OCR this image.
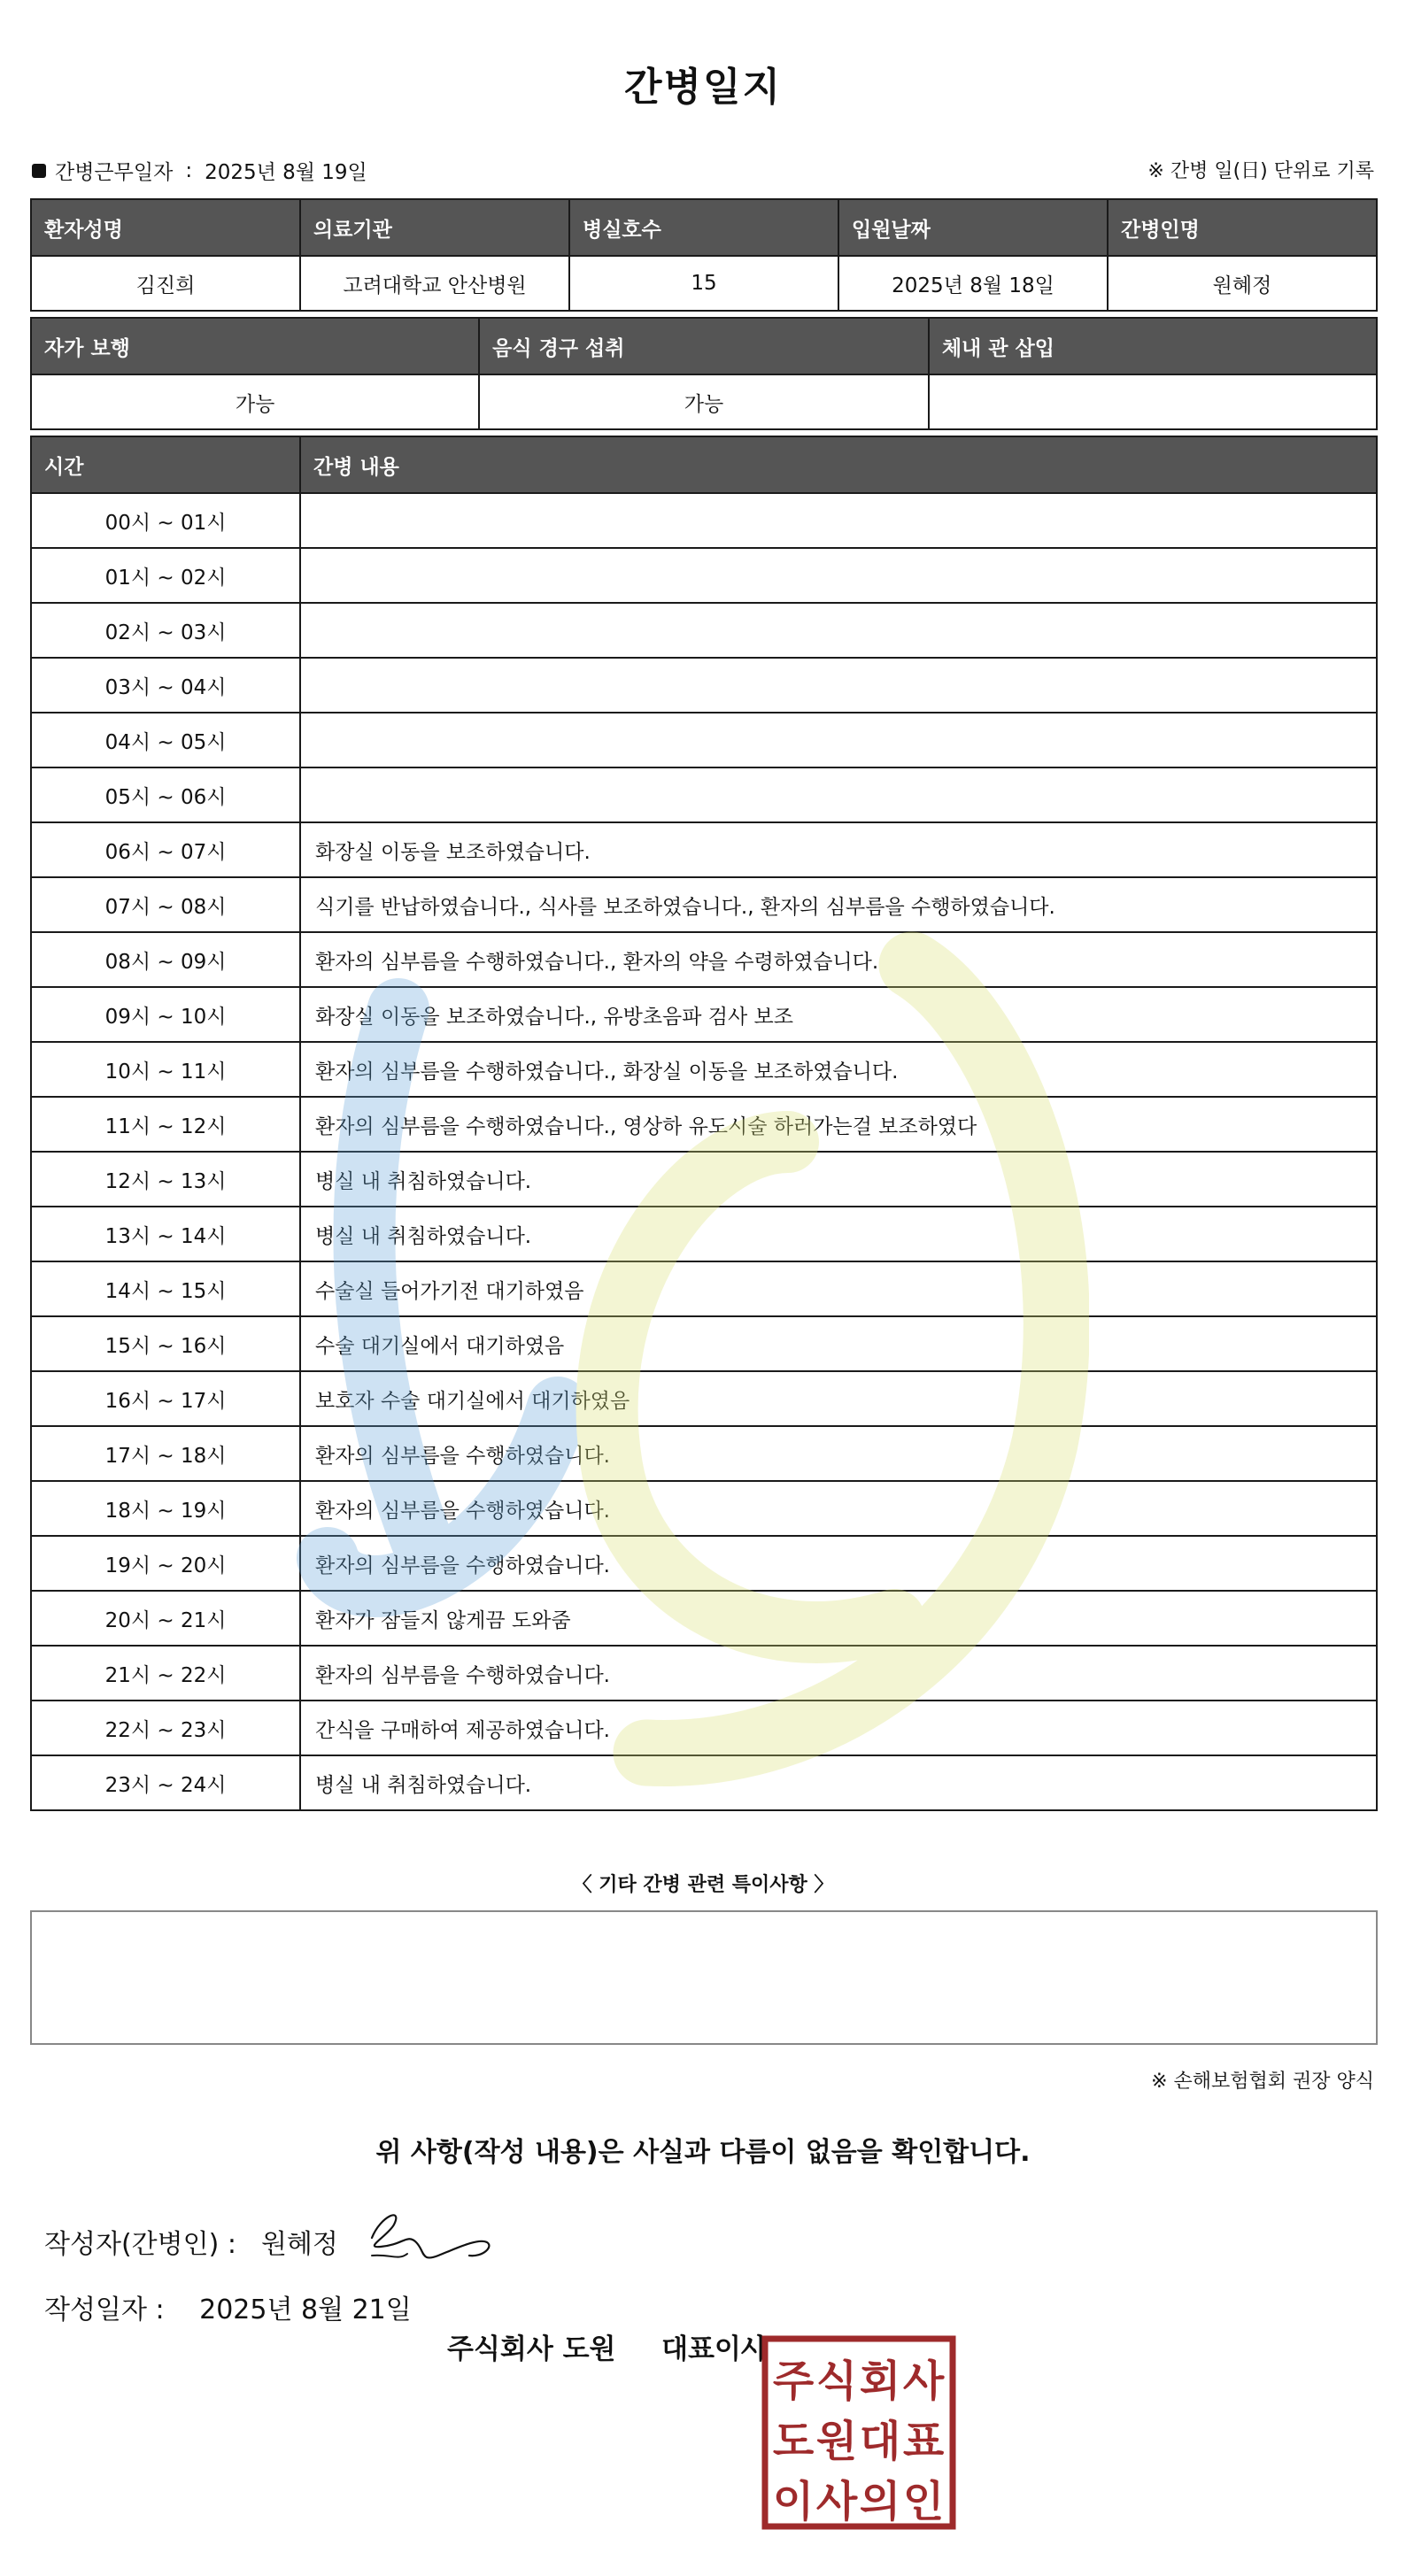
간병일지
간병근무일자 : 2025년 8월 19일	※ 간병 일(日) 단위로 기록
환자성명	의료기관	병실호수	입원날짜	간병인명
김진희	고려대학교 안산병원	15	2025년 8월 18일	원혜정
자가 보행	음식 경구 섭취	체내 관 삽입
가능	가능	
시간	간병 내용
00시 ~ 01시	
01시 ~ 02시	
02시 ~ 03시	
03시 ~ 04시	
04시 ~ 05시	
05시 ~ 06시	
06시 ~ 07시	화장실 이동을 보조하였습니다.
07시 ~ 08시	식기를 반납하였습니다., 식사를 보조하였습니다., 환자의 심부름을 수행하였습니다.
08시 ~ 09시	환자의 심부름을 수행하였습니다., 환자의 약을 수령하였습니다.
09시 ~ 10시	화장실 이동을 보조하였습니다., 유방초음파 검사 보조
10시 ~ 11시	환자의 심부름을 수행하였습니다., 화장실 이동을 보조하였습니다.
11시 ~ 12시	환자의 심부름을 수행하였습니다., 영상하 유도시술 하러가는걸 보조하였다
12시 ~ 13시	병실 내 취침하였습니다.
13시 ~ 14시	병실 내 취침하였습니다.
14시 ~ 15시	수술실 들어가기전 대기하였음
15시 ~ 16시	수술 대기실에서 대기하였음
16시 ~ 17시	보호자 수술 대기실에서 대기하였음
17시 ~ 18시	환자의 심부름을 수행하였습니다.
18시 ~ 19시	환자의 심부름을 수행하였습니다.
19시 ~ 20시	환자의 심부름을 수행하였습니다.
20시 ~ 21시	환자가 잠들지 않게끔 도와줌
21시 ~ 22시	환자의 심부름을 수행하였습니다.
22시 ~ 23시	간식을 구매하여 제공하였습니다.
23시 ~ 24시	병실 내 취침하였습니다.
〈 기타 간병 관련 특이사항 〉
※ 손해보험협회 권장 양식
위 사항(작성 내용)은 사실과 다름이 없음을 확인합니다.
작성자(간병인) : 원혜정
작성일자 : 2025년 8월 21일
주식회사 도원 대표이사
주 식 회 사
도 원 대 표
이 사 의 인
